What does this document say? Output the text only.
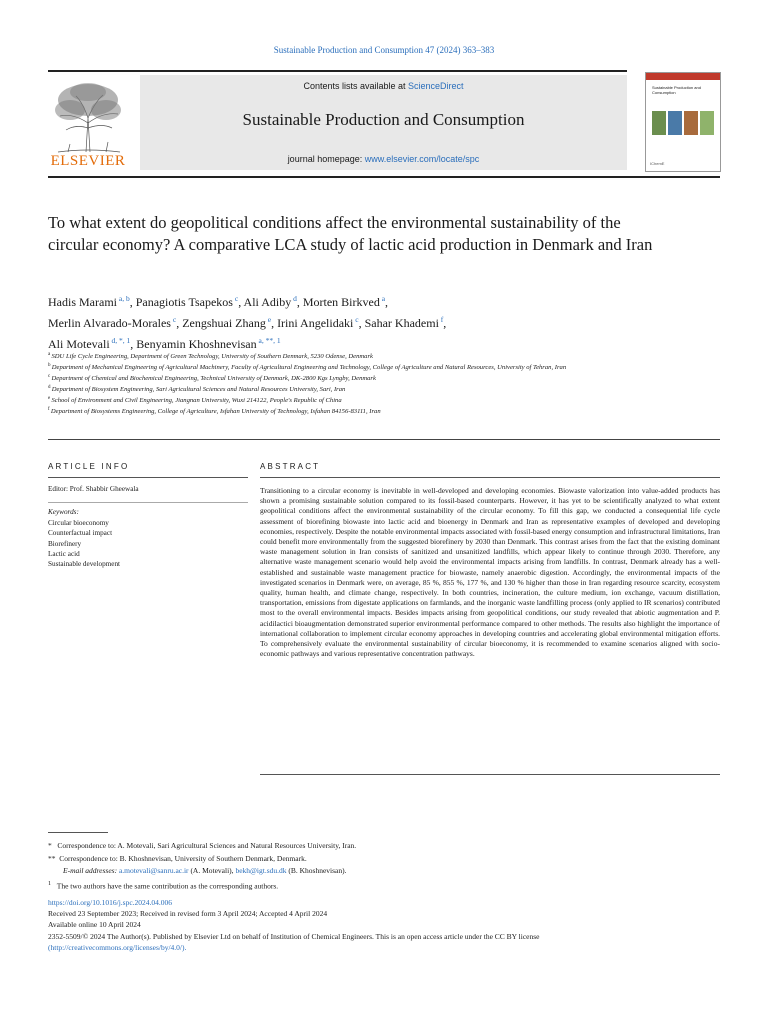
Sustainable Production and Consumption 47 (2024) 363–383
ELSEVIER
Contents lists available at ScienceDirect
Sustainable Production and Consumption
journal homepage: www.elsevier.com/locate/spc
Sustainable Production and Consumption
IChemE
To what extent do geopolitical conditions affect the environmental sustainability of the circular economy? A comparative LCA study of lactic acid production in Denmark and Iran
Hadis Marami $^{a, b}$, Panagiotis Tsapekos $^c$, Ali Adiby $^d$, Morten Birkved $^a$,
Merlin Alvarado-Morales $^c$, Zengshuai Zhang $^e$, Irini Angelidaki $^c$, Sahar Khademi $^f$,
Ali Motevali $^{d, *, 1}$, Benyamin Khoshnevisan $^{a, **, 1}$
$^a$ SDU Life Cycle Engineering, Department of Green Technology, University of Southern Denmark, 5230 Odense, Denmark
$^b$ Department of Mechanical Engineering of Agricultural Machinery, Faculty of Agricultural Engineering and Technology, College of Agriculture and Natural Resources, University of Tehran, Iran
$^c$ Department of Chemical and Biochemical Engineering, Technical University of Denmark, DK-2800 Kgs Lyngby, Denmark
$^d$ Department of Biosystem Engineering, Sari Agricultural Sciences and Natural Resources University, Sari, Iran
$^e$ School of Environment and Civil Engineering, Jiangnan University, Wuxi 214122, People's Republic of China
$^f$ Department of Biosystems Engineering, College of Agriculture, Isfahan University of Technology, Isfahan 84156-83111, Iran
ARTICLE INFO
Editor: Prof. Shabbir Gheewala
Keywords:
Circular bioeconomy
Counterfactual impact
Biorefinery
Lactic acid
Sustainable development
ABSTRACT
Transitioning to a circular economy is inevitable in well-developed and developing economies. Biowaste valorization into value-added products has shown a promising sustainable solution compared to its fossil-based counterparts. However, it has yet to be scientifically analyzed to what extent geopolitical conditions affect the environmental sustainability of the circular economy. To fill this gap, we conducted a consequential life cycle assessment of biorefining biowaste into lactic acid and bioenergy in Denmark and Iran as representative examples of developed and developing economies, respectively. Despite the notable environmental impacts associated with fossil-based energy consumption and infrastructural limitations, Iran could benefit more environmentally from the suggested biorefinery by 2030 than Denmark. This contrast arises from the fact that the existing dominant waste management solution in Iran consists of sanitized and unsanitized landfills, which appear likely to continue through 2030. Therefore, any alternative waste management scenario would help avoid the environmental impacts arising from landfills. In contrast, Denmark already has a well-established and sustainable waste management practice for biowaste, namely anaerobic digestion. Accordingly, the environmental impacts of the investigated scenarios in Denmark were, on average, 85 %, 855 %, 177 %, and 130 % higher than those in Iran regarding resource scarcity, ecosystem quality, human health, and climate change, respectively. In both countries, incineration, the culture medium, ion exchange, vacuum distillation, transportation, emissions from digestate applications on farmlands, and the inorganic waste landfilling process (only applied to IR scenarios) contributed most to the overall environmental impacts. Besides impacts arising from geopolitical conditions, our study revealed that abiotic augmentation and P. acidilactici bioaugmentation demonstrated superior environmental performance compared to other methods. The results also highlight the importance of international collaboration to implement circular economy approaches in developing countries and accelerating global environmental mitigation efforts. To comprehensively evaluate the environmental sustainability of circular bioeconomy, it is recommended to examine scenarios aligned with socio-economic pathways and various representative concentration pathways.
* Correspondence to: A. Motevali, Sari Agricultural Sciences and Natural Resources University, Iran.
** Correspondence to: B. Khoshnevisan, University of Southern Denmark, Denmark.
E-mail addresses: a.motevali@sanru.ac.ir (A. Motevali), bekh@igt.sdu.dk (B. Khoshnevisan).
$^1$ The two authors have the same contribution as the corresponding authors.
https://doi.org/10.1016/j.spc.2024.04.006
Received 23 September 2023; Received in revised form 3 April 2024; Accepted 4 April 2024
Available online 10 April 2024
2352-5509/© 2024 The Author(s). Published by Elsevier Ltd on behalf of Institution of Chemical Engineers. This is an open access article under the CC BY license
(http://creativecommons.org/licenses/by/4.0/).
